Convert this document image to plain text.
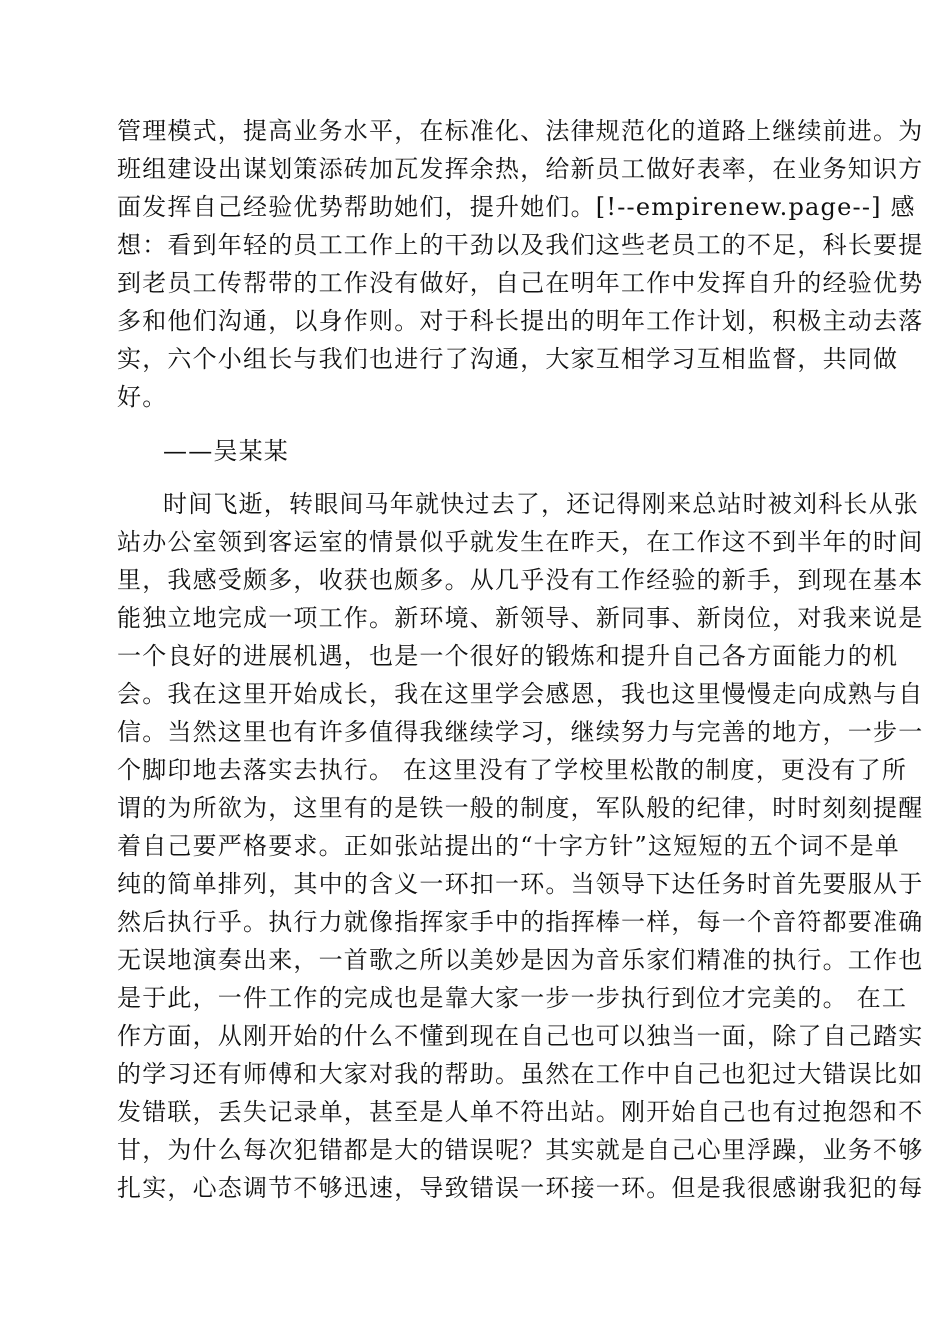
管理模式，提高业务水平，在标准化、法律规范化的道路上继续前进。为

班组建设出谋划策添砖加瓦发挥余热，给新员工做好表率，在业务知识方

面发挥自己经验优势帮助她们，提升她们。[!--empirenew.page--] 感

想：看到年轻的员工工作上的干劲以及我们这些老员工的不足，科长要提

到老员工传帮带的工作没有做好，自己在明年工作中发挥自升的经验优势

多和他们沟通，以身作则。对于科长提出的明年工作计划，积极主动去落

实，六个小组长与我们也进行了沟通，大家互相学习互相监督，共同做

好。

——吴某某

时间飞逝，转眼间马年就快过去了，还记得刚来总站时被刘科长从张

站办公室领到客运室的情景似乎就发生在昨天，在工作这不到半年的时间

里，我感受颇多，收获也颇多。从几乎没有工作经验的新手，到现在基本

能独立地完成一项工作。新环境、新领导、新同事、新岗位，对我来说是

一个良好的进展机遇，也是一个很好的锻炼和提升自己各方面能力的机

会。我在这里开始成长，我在这里学会感恩，我也这里慢慢走向成熟与自

信。当然这里也有许多值得我继续学习，继续努力与完善的地方，一步一

个脚印地去落实去执行。 在这里没有了学校里松散的制度，更没有了所

谓的为所欲为，这里有的是铁一般的制度，军队般的纪律，时时刻刻提醒

着自己要严格要求。正如张站提出的“十字方针”这短短的五个词不是单

纯的简单排列，其中的含义一环扣一环。当领导下达任务时首先要服从于

然后执行乎。执行力就像指挥家手中的指挥棒一样，每一个音符都要准确

无误地演奏出来，一首歌之所以美妙是因为音乐家们精准的执行。工作也

是于此，一件工作的完成也是靠大家一步一步执行到位才完美的。 在工

作方面，从刚开始的什么不懂到现在自己也可以独当一面，除了自己踏实

的学习还有师傅和大家对我的帮助。虽然在工作中自己也犯过大错误比如

发错联，丢失记录单，甚至是人单不符出站。刚开始自己也有过抱怨和不

甘，为什么每次犯错都是大的错误呢？其实就是自己心里浮躁，业务不够

扎实，心态调节不够迅速，导致错误一环接一环。但是我很感谢我犯的每
